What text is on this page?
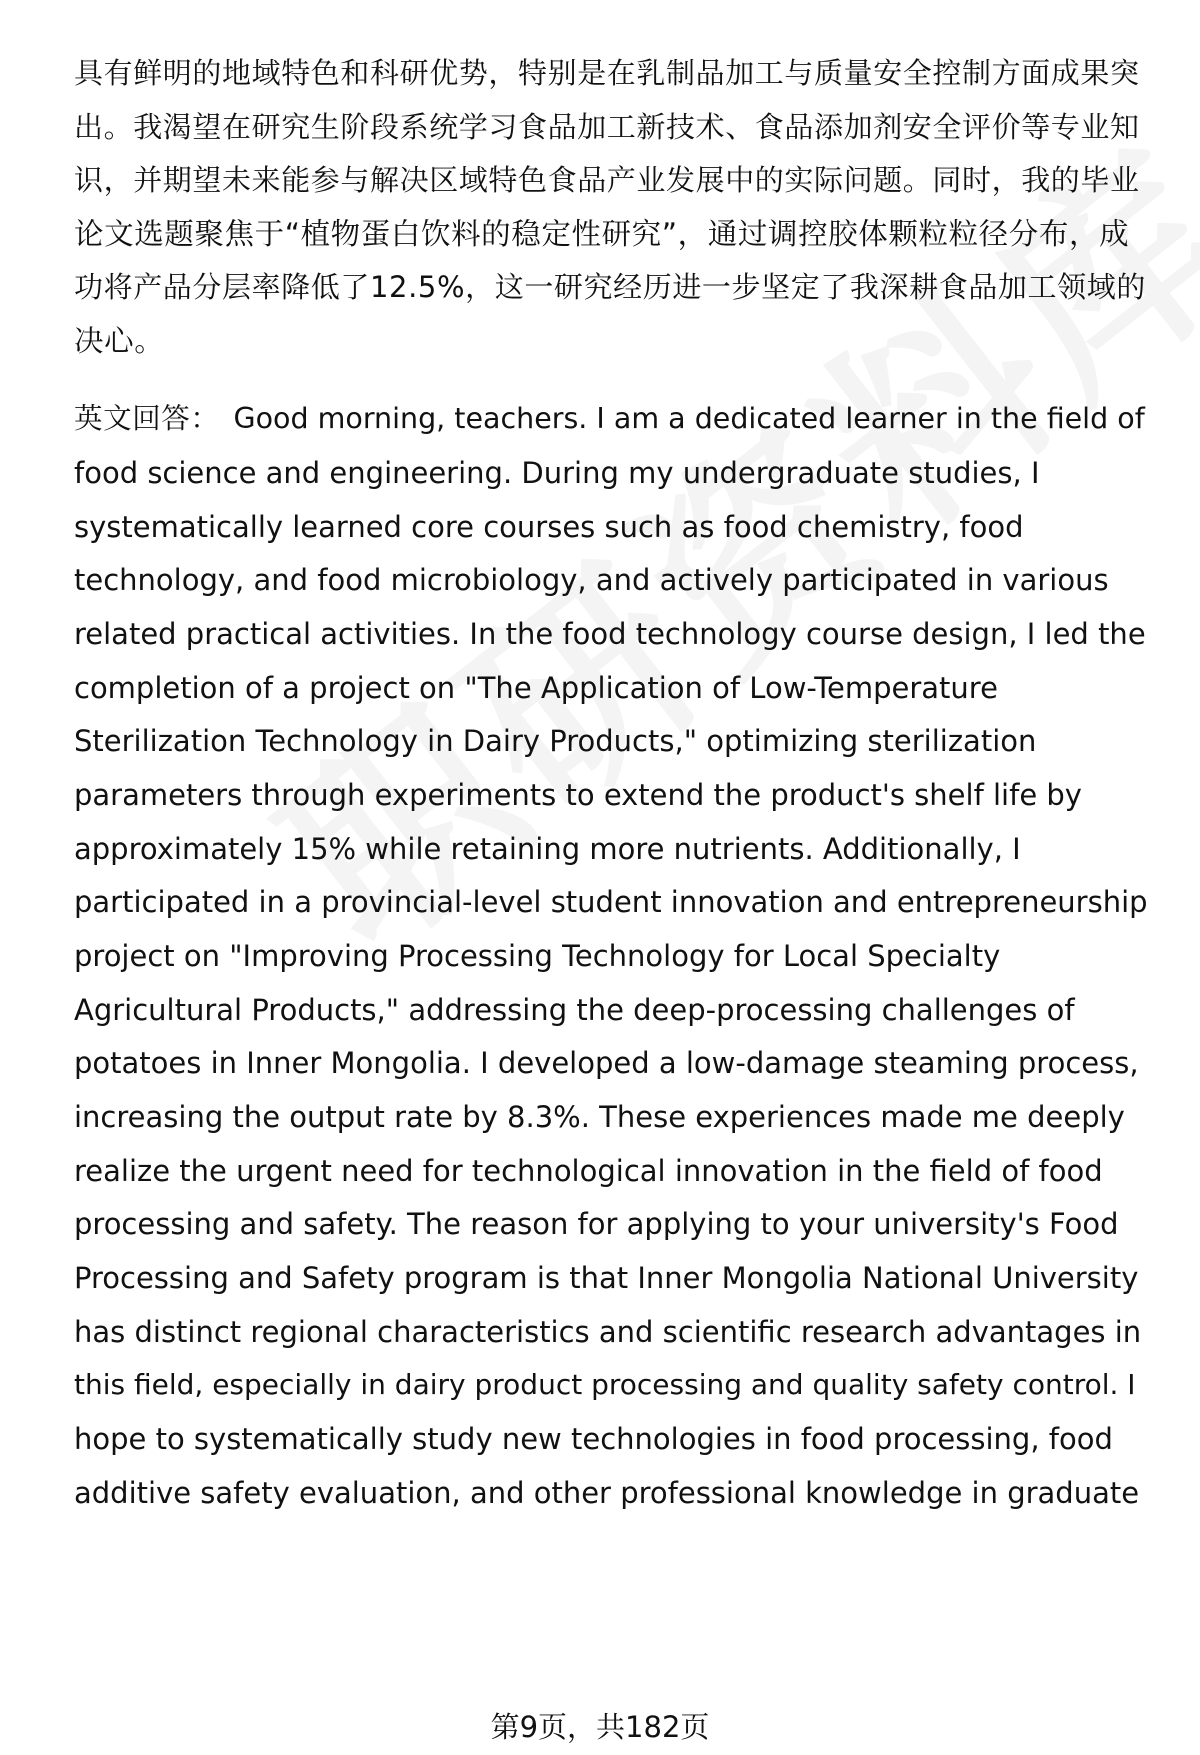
具有鲜明的地域特色和科研优势，特别是在乳制品加工与质量安全控制方面成果突
出。我渴望在研究生阶段系统学习食品加工新技术、食品添加剂安全评价等专业知
识，并期望未来能参与解决区域特色食品产业发展中的实际问题。同时，我的毕业
论文选题聚焦于“植物蛋白饮料的稳定性研究”，通过调控胶体颗粒粒径分布，成
功将产品分层率降低了12.5%，这一研究经历进一步坚定了我深耕食品加工领域的
决心。
英文回答： Good morning, teachers. I am a dedicated learner in the field of
food science and engineering. During my undergraduate studies, I
systematically learned core courses such as food chemistry, food
technology, and food microbiology, and actively participated in various
related practical activities. In the food technology course design, I led the
completion of a project on "The Application of Low-Temperature
Sterilization Technology in Dairy Products," optimizing sterilization
parameters through experiments to extend the product's shelf life by
approximately 15% while retaining more nutrients. Additionally, I
participated in a provincial-level student innovation and entrepreneurship
project on "Improving Processing Technology for Local Specialty
Agricultural Products," addressing the deep-processing challenges of
potatoes in Inner Mongolia. I developed a low-damage steaming process,
increasing the output rate by 8.3%. These experiences made me deeply
realize the urgent need for technological innovation in the field of food
processing and safety. The reason for applying to your university's Food
Processing and Safety program is that Inner Mongolia National University
has distinct regional characteristics and scientific research advantages in
this field, especially in dairy product processing and quality safety control. I
hope to systematically study new technologies in food processing, food
additive safety evaluation, and other professional knowledge in graduate
第9页，共182页
